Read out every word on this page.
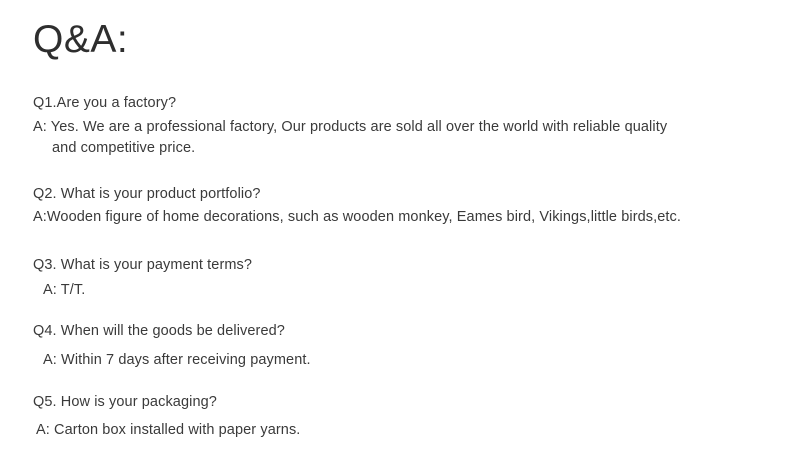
Q&A:
Q1.Are you a factory?
A: Yes. We are a professional factory, Our products are sold all over the world with reliable quality
and competitive price.
Q2. What is your product portfolio?
A:Wooden figure of home decorations, such as wooden monkey, Eames bird, Vikings,little birds,etc.
Q3. What is your payment terms?
A: T/T.
Q4. When will the goods be delivered?
A: Within 7 days after receiving payment.
Q5. How is your packaging?
A: Carton box installed with paper yarns.
